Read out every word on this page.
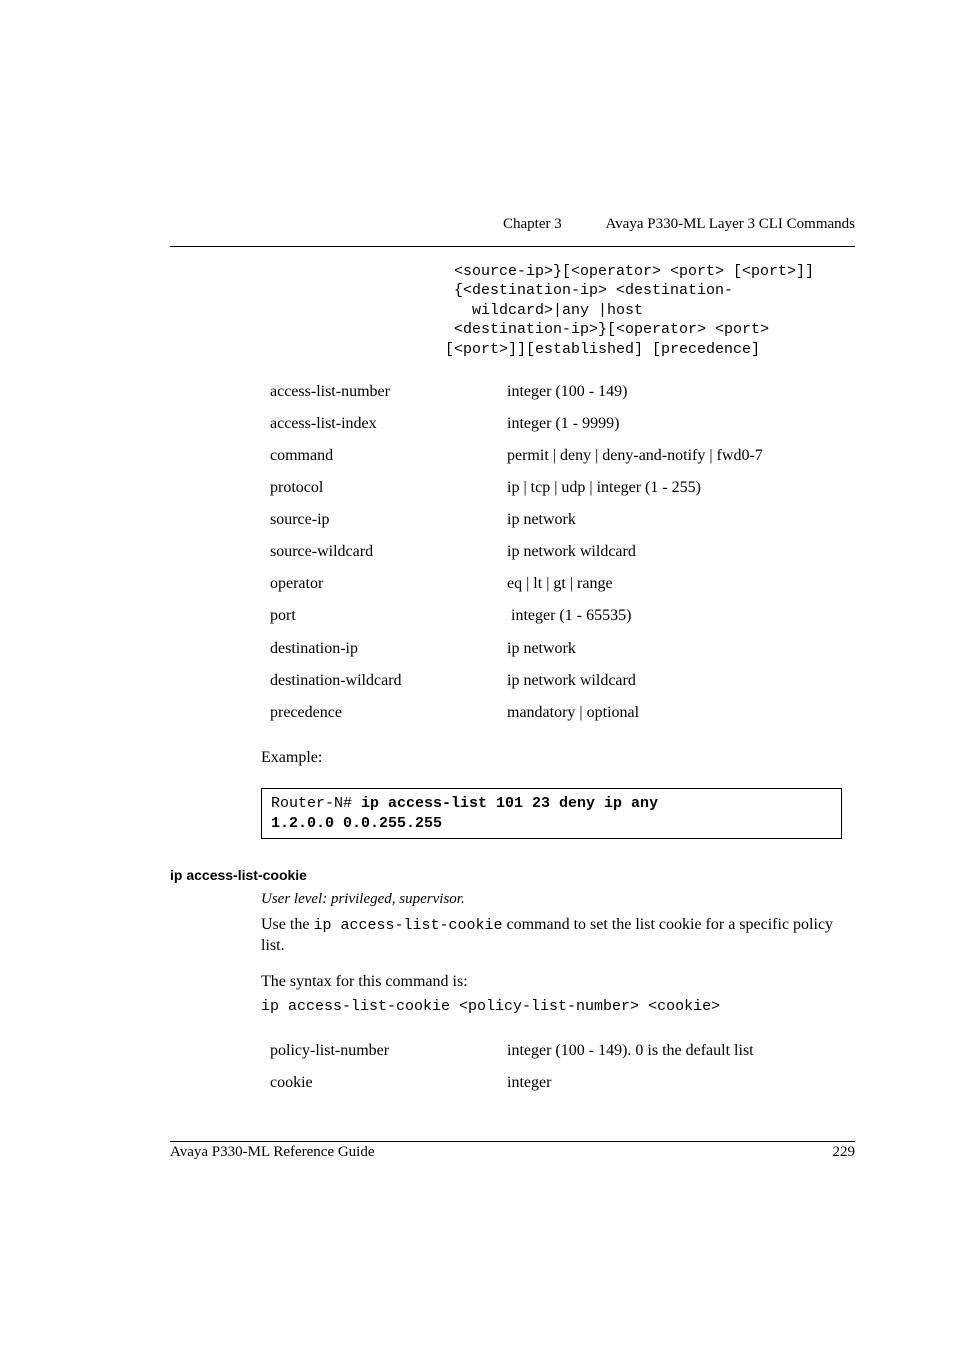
Chapter 3	Avaya P330-ML Layer 3 CLI Commands
<source-ip>}[<operator> <port> [<port>]]
{<destination-ip> <destination-
wildcard>|any |host
<destination-ip>}[<operator> <port>
[<port>]][established] [precedence]
access-list-number	integer (100 - 149)
access-list-index	integer (1 - 9999)
command	permit | deny | deny-and-notify | fwd0-7
protocol	ip | tcp | udp | integer (1 - 255)
source-ip	ip network
source-wildcard	ip network wildcard
operator	eq | lt | gt | range
port	integer (1 - 65535)
destination-ip	ip network
destination-wildcard	ip network wildcard
precedence	mandatory | optional
Example:
Router-N# ip access-list 101 23 deny ip any
1.2.0.0 0.0.255.255
ip access-list-cookie
User level: privileged, supervisor.
Use the ip access-list-cookie command to set the list cookie for a specific policy list.
The syntax for this command is:
ip access-list-cookie <policy-list-number> <cookie>
policy-list-number	integer (100 - 149). 0 is the default list
cookie	integer
Avaya P330-ML Reference Guide	229
